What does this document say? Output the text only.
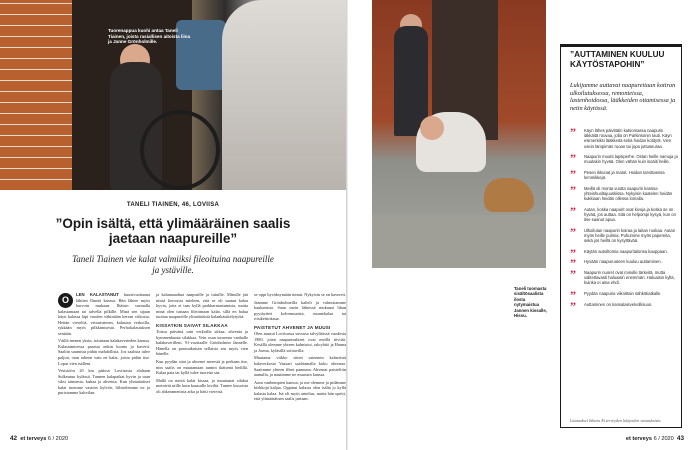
Tuorenappua kuohi antaa Taneli Tiainen, joista rasiallisen aitoista liina ja Janne Grönholmille.
TANELI TIAINEN, 46, LOVIISA
”Opin isältä, että ylimääräinen saalis jaetaan naapureille”
Taneli Tiainen vie kalat valmiiksi fileoituina naapureille ja ystäville.

O
LEN KALASTANUT kuusivuotiaana lähtien Ilmetä kanssa. Hän lähtee myös harvoin mukaan. Iltäisin varmalla kalastamaan tai talvella pilkille. Minä sen sijaan käyn kalassa läpi vuoden vähintään kerran viikossa. Heitän virvelöä, vetouistimen, kalastan verkoilla, tykkään myös pilkkimisestä. Perhokalastuksen sentään.

Väillä menen yksin, toisinaan kalakaverieden kanssa. Kalastamisessa parasta onkin luonto ja kaverit. Saaliin saamista pidän mahdollista. Jos saalista tulee paljon, otan talteen vain ne kalat, joista pidän itse. Loput vien isälleni.

Vesistöön 20 km päässä Loviisasta elaltaan Sulkeutuu kylässä. Tunnen kalapaikat hyvin ja saan siksi taimenia, kuhaa ja ahvenia. Kun ylimääräiset kalat tuomme vastoin kylvöä, fiilistelemme ne ja puristamme kahvilan.

ja kalamaaaltua naapurille ja tutuille. Minulle jää niistä kerroista mieleen, että se oli saanut kalaa hyvin, jotta ei taas kyllä parkkarmastumista, mutta minä olen tutsaan fileoimaan kalat, sillä en halua tuottaa naapureille ylimääräistä kalankäsittelytyötä.

KISSATKIN SAIVAT SILAKKAA

Toissa päivänä sain verkoilla siikaa, ahventa ja kymmenkunta silakkaa. Vein osan tuoreena vanhalle kalakaverilleni, 91-vuotiaalle Grönholmin Jannelle. Hänella on parasaikaisen sellaisia sen myös vien hänelle.

Kun pyydän siiat ja ahvenet merestä ja perkaan itse, niin saalis on muutamaan tunnin ikäisenä hedillä. Kalaa pata tai kyllä tulee tuoretta saa.

Mallä on meitä kalat kissaa, ja muutamat silakat meinivät niille kuin kaasuille kiviltä. Tuntee kissoista oli ahkeramenista arka ja hätti viereisä.

se oppi hyväksymään minut. Nykyisin se on kavereit.

Jaamme Grönholmeilla kalteli ja valmistamme kaulumisia. Saan usein lähtessä mukaani lihan pyytäytteä kolvenmaista, muutekalaa tai riisikeittokaua.

PAISTETUT AHVENET JA MUUSI

Olen asunut Loviisassa suvussa talvyltöissä vuodesta 1980, joten naapurisuhteet ovat meillä tiiviitä. Kesällä olemme yhteen kalmistot, taloyhtiö ja Hanna ja Jorma, kyläsillä soittavilla.

Muutama viikko sitten sainneen kalaeristä kalaverkosta Vaasari saalitamalla koko ahvenaa. Saatimme yhteen fileet pannuna. Ahvenat paisteltiin aamulla, ja nautimme ne muussin kanssa.

Aasn vanhempien kanssa, ja me olemme ja pidämme kiekkojä kaljaa. Oppinut kalasta olen isältä jo kyllä kalasta kalaa. Isä oli myös antelias, mutta hän opetti, että ylimääräinen saalis jaetaan.

Taneli tuomasta sisältösaalista ilosta nytymaistua Jannen kissalle, Hissu.
”AUTTAMINEN KUULUU KÄYTÖSTAPOHIN”
Lukijamme auttavat naapureitaan kotiran ulkoilutuksessa, remonteissa, lastenhoidossa, lääkkeiden ottamisessa ja netin käytössä.
” Käyn lähes päivittäin katsomassa naapurin iäkkäitä rouvaa, jolla on Parkinsonin tauti. Käyn esimerkiksi lääkkeitä sekä hoidan kotityöt. Vien usein lämpimän ruoan tai jopa juttuseuraa.
” Naapurin muutti lapsiperhe. Ostan heille namuja ja muutakin hyvää. Olen vähän kuin isoäiti heille.
” Pesen ikkunat ja matot. Hoidan tarvittaessa lemmikkejä.
” Meillä oli monta vuotta naapurin kanssa yhteishuoltajuuskissa. Nykyisin kaatelen heidän kukkiaan heidän ollessa lomalla.
” Autan, koska naapurit ovat kivoja ja koska se on hyvää, jos auttaa. Sitä on helpompi kysyä, kun on itse saanut apua.
” Ulkoilutan naapurin koiraa ja laitan ruokaa. Autan myös heille pulmia. Puhumme myös papereita, sekä jos heillä on kysyttävää.
” Käytän autoiltomia naapuritalonsa kauppaan.
” Hyvään naapuruuteen kuuluu auttaminen.
” Naapurin nuoret ovat minulle tärkeitä, mutta valitettavasti haluaisin enemmän. Haluaisin kyllä, kuinka ei aina ehdi.
” Pyydän naapuria viikoittain sähkökatkalle.
” Auttaminen on kansalaisvelvollisuus.
Lainaukset lähtein Et terveyden lukijoiden vastauksista.
42 et terveys 6 / 2020	et terveys 6 / 2020 43
